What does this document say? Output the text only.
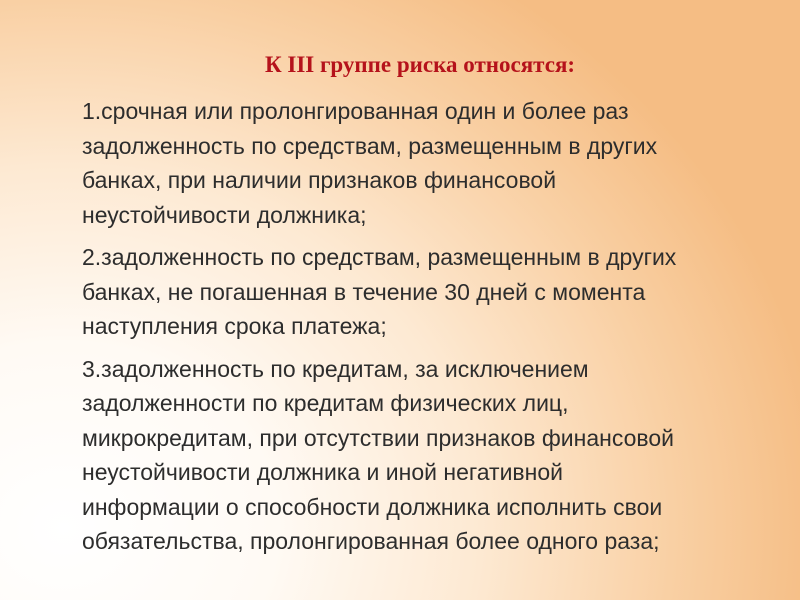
К III группе риска относятся:

1.срочная или пролонгированная один и более раз
задолженность по средствам, размещенным в других
банках, при наличии признаков финансовой
неустойчивости должника;

2.задолженность по средствам, размещенным в других
банках, не погашенная в течение 30 дней с момента
наступления срока платежа;

3.задолженность по кредитам, за исключением
задолженности по кредитам физических лиц,
микрокредитам, при отсутствии признаков финансовой
неустойчивости должника и иной негативной
информации о способности должника исполнить свои
обязательства, пролонгированная более одного раза;
